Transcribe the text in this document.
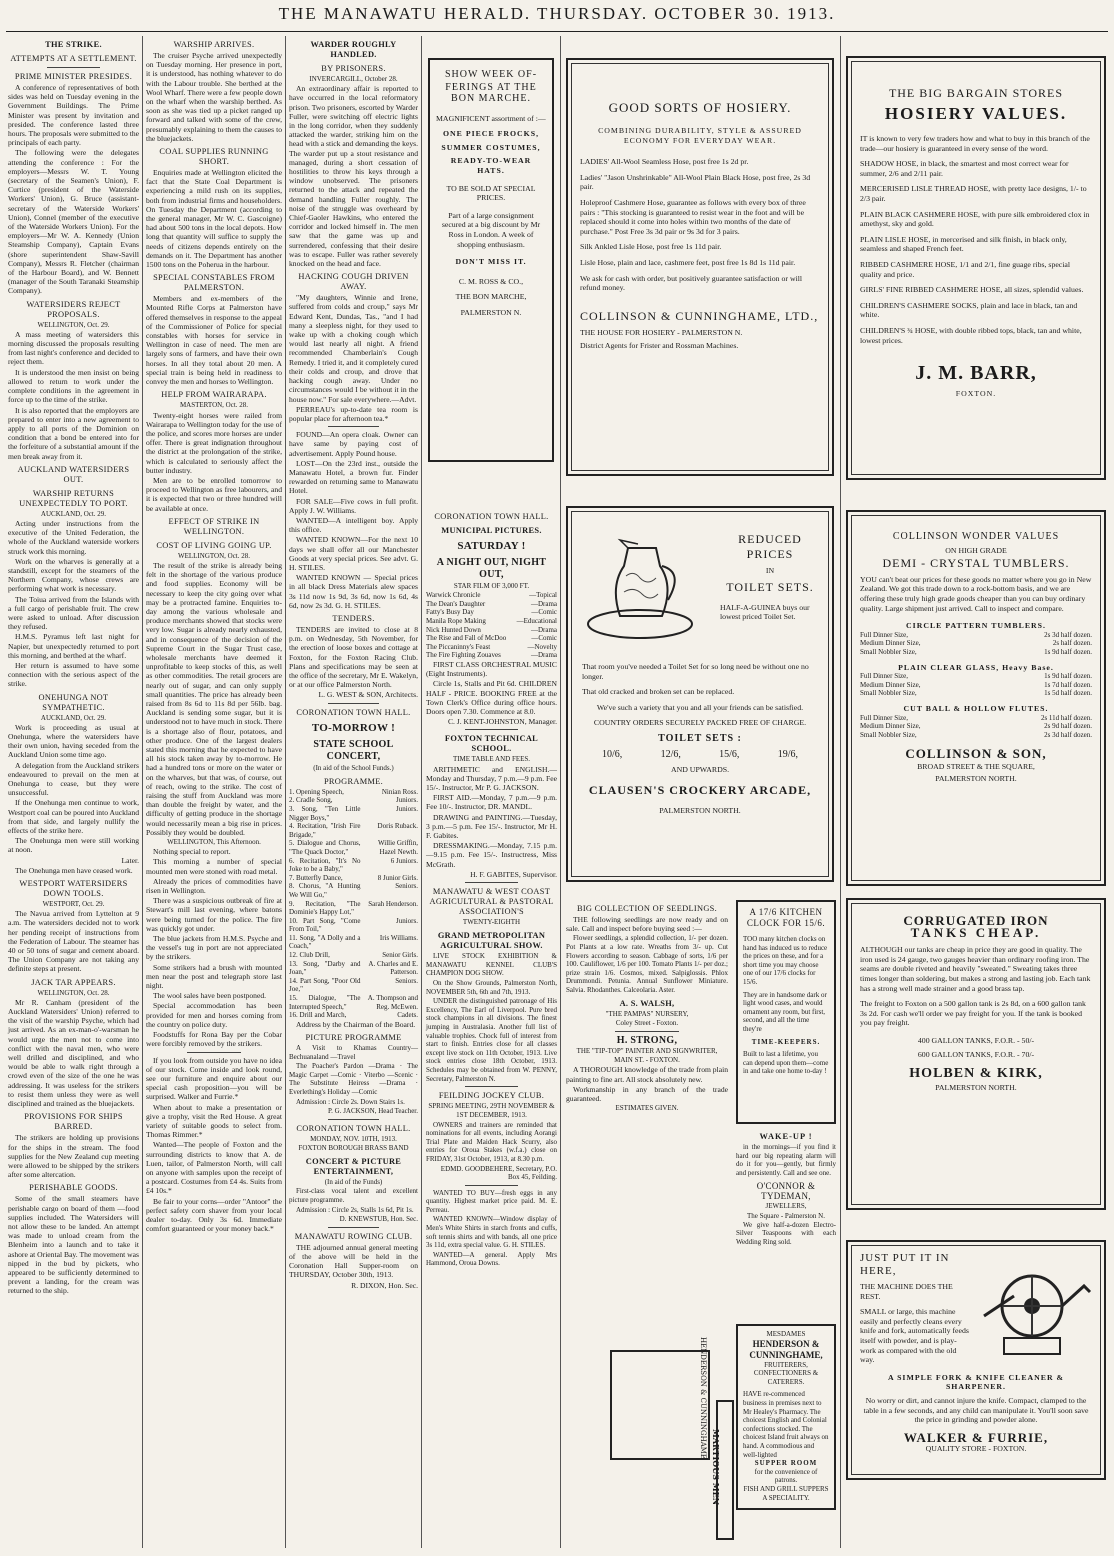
THE MANAWATU HERALD. THURSDAY. OCTOBER 30. 1913.
THE STRIKE.
ATTEMPTS AT A SETTLEMENT.
PRIME MINISTER PRESIDES.
A conference of representatives of both sides was held on Tuesday evening in the Government Buildings. The Prime Minister was present by invitation and presided. The conference lasted three hours. The proposals were submitted to the principals of each party.
The following were the delegates attending the conference : For the employers—Messrs W. T. Young (secretary of the Seamen's Union), F. Curtice (president of the Waterside Workers' Union), G. Bruce (assistant-secretary of the Waterside Workers' Union), Connel (member of the executive of the Waterside Workers Union). For the employers—Mr W. A. Kennedy (Union Steamship Company), Captain Evans (shore superintendent Shaw-Savill Company), Messrs R. Fletcher (chairman of the Harbour Board), and W. Bennett (manager of the South Taranaki Steamship Company).
WATERSIDERS REJECT PROPOSALS.
WELLINGTON, Oct. 29.
A mass meeting of watersiders this morning discussed the proposals resulting from last night's conference and decided to reject them.
It is understood the men insist on being allowed to return to work under the complete conditions in the agreement in force up to the time of the strike.
It is also reported that the employers are prepared to enter into a new agreement to apply to all ports of the Dominion on condition that a bond be entered into for the forfeiture of a substantial amount if the men break away from it.
AUCKLAND WATERSIDERS OUT.
WARSHIP RETURNS UNEXPECTEDLY TO PORT.
AUCKLAND, Oct. 29.
Acting under instructions from the executive of the United Federation, the whole of the Auckland waterside workers struck work this morning.
Work on the wharves is generally at a standstill, except for the steamers of the Northern Company, whose crews are performing what work is necessary.
The Toiua arrived from the Islands with a full cargo of perishable fruit. The crew were asked to unload. After discussion they refused.
H.M.S. Pyramus left last night for Napier, but unexpectedly returned to port this morning, and berthed at the wharf.
Her return is assumed to have some connection with the serious aspect of the strike.
ONEHUNGA NOT SYMPATHETIC.
AUCKLAND, Oct. 29.
Work is proceeding as usual at Onehunga, where the watersiders have their own union, having seceded from the Auckland Union some time ago.
A delegation from the Auckland strikers endeavoured to prevail on the men at Onehunga to cease, but they were unsuccessful.
If the Onehunga men continue to work, Westport coal can be poured into Auckland from that side, and largely nullify the effects of the strike here.
The Onehunga men were still working at noon.
Later.
The Onehunga men have ceased work.
WESTPORT WATERSIDERS DOWN TOOLS.
WESTPORT, Oct. 29.
The Navua arrived from Lyttelton at 9 a.m. The watersiders decided not to work her pending receipt of instructions from the Federation of Labour. The steamer has 40 or 50 tons of sugar and cement aboard. The Union Company are not taking any definite steps at present.
JACK TAR APPEARS.
WELLINGTON, Oct. 28.
Mr R. Canham (president of the Auckland Watersiders' Union) referred to the visit of the warship Psyche, which had just arrived. As an ex-man-o'-warsman he would urge the men not to come into conflict with the naval men, who were well drilled and disciplined, and who would be able to walk right through a crowd even of the size of the one he was addressing. It was useless for the strikers to resist them unless they were as well disciplined and trained as the bluejackets.
PROVISIONS FOR SHIPS BARRED.
The strikers are holding up provisions for the ships in the stream. The food supplies for the New Zealand cup meeting were allowed to be shipped by the strikers after some altercation.
PERISHABLE GOODS.
Some of the small steamers have perishable cargo on board of them —food supplies included. The Watersiders will not allow these to be landed. An attempt was made to unload cream from the Blenheim into a launch and to take it ashore at Oriental Bay. The movement was nipped in the bud by pickets, who appeared to be sufficiently determined to prevent a landing, for the cream was returned to the ship.
WARSHIP ARRIVES.
The cruiser Psyche arrived unexpectedly on Tuesday morning. Her presence in port, it is understood, has nothing whatever to do with the Labour trouble. She berthed at the Wool Wharf. There were a few people down on the wharf when the warship berthed. As soon as she was tied up a picket ranged up forward and talked with some of the crew, presumably explaining to them the causes to the bluejackets.
COAL SUPPLIES RUNNING SHORT.
Enquiries made at Wellington elicited the fact that the State Coal Department is experiencing a mild rush on its supplies, both from industrial firms and householders. On Tuesday the Department (according to the general manager, Mr W. C. Gascoigne) had about 500 tons in the local depots. How long that quantity will suffice to supply the needs of citizens depends entirely on the demands on it. The Department has another 1500 tons on the Poherua in the harbour.
SPECIAL CONSTABLES FROM PALMERSTON.
Members and ex-members of the Mounted Rifle Corps at Palmerston have offered themselves in response to the appeal of the Commissioner of Police for special constables with horses for service in Wellington in case of need. The men are largely sons of farmers, and have their own horses. In all they total about 20 men. A special train is being held in readiness to convey the men and horses to Wellington.
HELP FROM WAIRARAPA.
MASTERTON, Oct. 28.
Twenty-eight horses were railed from Wairarapa to Wellington today for the use of the police, and scores more horses are under offer. There is great indignation throughout the district at the prolongation of the strike, which is calculated to seriously affect the butter industry.
Men are to be enrolled tomorrow to proceed to Wellington as free labourers, and it is expected that two or three hundred will be available at once.
EFFECT OF STRIKE IN WELLINGTON.
COST OF LIVING GOING UP.
WELLINGTON, Oct. 28.
The result of the strike is already being felt in the shortage of the various produce and food supplies. Economy will be necessary to keep the city going over what may be a protracted famine. Enquiries to-day among the various wholesale and produce merchants showed that stocks were very low. Sugar is already nearly exhausted, and in consequence of the decision of the Supreme Court in the Sugar Trust case, wholesale merchants have deemed it unprofitable to keep stocks of this, as well as other commodities. The retail grocers are nearly out of sugar, and can only supply small quantities. The price has already been raised from 8s 6d to 11s 8d per 56lb. bag. Auckland is sending some sugar, but it is understood not to have much in stock. There is a shortage also of flour, potatoes, and other produce. One of the largest dealers stated this morning that he expected to have all his stock taken away by to-morrow. He had a hundred tons or more on the water or on the wharves, but that was, of course, out of reach, owing to the strike. The cost of raising the stuff from Auckland was more than double the freight by water, and the difficulty of getting produce in the shortage would necessarily mean a big rise in prices. Possibly they would be doubled.
WELLINGTON, This Afternoon.
Nothing special to report.
This morning a number of special mounted men were stoned with road metal.
Already the prices of commodities have risen in Wellington.
There was a suspicious outbreak of fire at Stewart's mill last evening, where batons were being turned for the police. The fire was quickly got under.
The blue jackets from H.M.S. Psyche and the vessel's tug in port are not appreciated by the strikers.
Some strikers had a brush with mounted men near the post and telegraph store last night.
The wool sales have been postponed.
Special accommodation has been provided for men and horses coming from the country on police duty.
Foodstuffs for Rona Bay per the Cobar were forcibly removed by the strikers.
If you look from outside you have no idea of our stock. Come inside and look round, see our furniture and enquire about our special cash proposition—you will be surprised. Walker and Furrie.*
When about to make a presentation or give a trophy, visit the Red House. A great variety of suitable goods to select from. Thomas Rimmer.*
Wanted—The people of Foxton and the surrounding districts to know that A. de Luen, tailor, of Palmerston North, will call on anyone with samples upon the receipt of a postcard. Costumes from £4 4s. Suits from £4 10s.*
Be fair to your corns—order "Antoor" the perfect safety corn shaver from your local dealer to-day. Only 3s 6d. Immediate comfort guaranteed or your money back.*
WARDER ROUGHLY HANDLED.
BY PRISONERS.
INVERCARGILL, October 28.
An extraordinary affair is reported to have occurred in the local reformatory prison. Two prisoners, escorted by Warder Fuller, were switching off electric lights in the long corridor, when they suddenly attacked the warder, striking him on the head with a stick and demanding the keys. The warder put up a stout resistance and managed, during a short cessation of hostilities to throw his keys through a window unobserved. The prisoners returned to the attack and repeated the demand handling Fuller roughly. The noise of the struggle was overheard by Chief-Gaoler Hawkins, who entered the corridor and locked himself in. The men saw that the game was up and surrendered, confessing that their desire was to escape. Fuller was rather severely knocked on the head and face.
HACKING COUGH DRIVEN AWAY.
"My daughters, Winnie and Irene, suffered from colds and croup," says Mr Edward Kent, Dundas, Tas., "and I had many a sleepless night, for they used to wake up with a choking cough which would last nearly all night. A friend recommended Chamberlain's Cough Remedy. I tried it, and it completely cured their colds and croup, and drove that hacking cough away. Under no circumstances would I be without it in the house now." For sale everywhere.—Advt.
PERREAU's up-to-date tea room is popular place for afternoon tea.*
FOUND—An opera cloak. Owner can have same by paying cost of advertisement. Apply Pound house.
LOST—On the 23rd inst., outside the Manawatu Hotel, a brown fur. Finder rewarded on returning same to Manawatu Hotel.
FOR SALE—Five cows in full profit. Apply J. W. Williams.
WANTED—A intelligent boy. Apply this office.
WANTED KNOWN—For the next 10 days we shall offer all our Manchester Goods at very special prices. See advt. G. H. STILES.
WANTED KNOWN — Special prices in all black Dress Materials alew spaces 3s 11d now 1s 9d, 3s 6d, now 1s 6d, 4s 6d, now 2s 3d. G. H. STILES.
TENDERS.
TENDERS are invited to close at 8 p.m. on Wednesday, 5th November, for the erection of loose boxes and cottage at Foxton, for the Foxton Racing Club. Plans and specifications may be seen at the office of the secretary, Mr E. Wakelyn, or at our office Palmerston North.
L. G. WEST & SON, Architects.
CORONATION TOWN HALL.
TO-MORROW !
STATE SCHOOL CONCERT,
(In aid of the School Funds.)
PROGRAMME.
1. Opening Speech,	Ninian Ross.
2. Cradle Song,	Juniors.
3. Song, "Ten Little Nigger Boys,"	Juniors.
4. Recitation, "Irish Fire Brigade,"	Doris Ruback.
5. Dialogue and Chorus, "The Quack Doctor,"	Willie Griffin, Hazel Newth.
6. Recitation, "It's No Joke to be a Baby,"	6 Juniors.
7. Butterfly Dance,	8 Junior Girls.
8. Chorus, "A Hunting We Will Go,"	Seniors.
9. Recitation, "The Dominie's Happy Lot,"	Sarah Henderson.
10. Part Song, "Come From Toil,"	Juniors.
11. Song, "A Dolly and a Coach,"	Iris Williams.
12. Club Drill,	Senior Girls.
13. Song, "Darby and Joan,"	A. Charles and E. Patterson.
14. Part Song, "Poor Old Joe,"	Seniors.
15. Dialogue, "The Interrupted Speech,"	A. Thompson and Reg. McEwen.
16. Drill and March,	Cadets.
Address by the Chairman of the Board.
PICTURE PROGRAMME
A Visit to Khamas Country— Bechuanaland —Travel
The Poacher's Pardon —Drama · The Magic Carpet —Comic · Viterbo —Scenic · The Substitute Heiress —Drama · Everlething's Holiday —Comic
Admission : Circle 2s. Down Stairs 1s.
P. G. JACKSON, Head Teacher.
CORONATION TOWN HALL.
MONDAY, NOV. 10TH, 1913.
FOXTON BOROUGH BRASS BAND
CONCERT & PICTURE ENTERTAINMENT,
(In aid of the Funds)
First-class vocal talent and excellent picture programme.
Admission : Circle 2s, Stalls 1s 6d, Pit 1s.
D. KNEWSTUB, Hon. Sec.
MANAWATU ROWING CLUB.
THE adjourned annual general meeting of the above will be held in the Coronation Hall Supper-room on THURSDAY, October 30th, 1913.
R. DIXON, Hon. Sec.
SHOW WEEK OF-FERINGS AT THE
BON MARCHE.
MAGNIFICENT assortment of :—
ONE PIECE FROCKS,
SUMMER COSTUMES,
READY-TO-WEAR HATS.
TO BE SOLD AT SPECIAL PRICES.
Part of a large consignment secured at a big discount by Mr Ross in London. A week of shopping enthusiasm.
DON'T MISS IT.
C. M. ROSS & CO.,
THE BON MARCHE,
PALMERSTON N.
CORONATION TOWN HALL.
MUNICIPAL PICTURES.
SATURDAY !
A NIGHT OUT, NIGHT OUT,
STAR FILM OF 3,000 FT.
Warwick Chronicle	—Topical
The Dean's Daughter	—Drama
Fatty's Busy Day	—Comic
Manila Rope Making	—Educational
Nick Hunted Down	—Drama
The Rise and Fall of McDoo	—Comic
The Piccaninny's Feast	—Novelty
The Fire Fighting Zouaves	—Drama
FIRST CLASS ORCHESTRAL MUSIC (Eight Instruments).
Circle 1s, Stalls and Pit 6d. CHILDREN HALF - PRICE. BOOKING FREE at the Town Clerk's Office during office hours. Doors open 7.30. Commence at 8.0.
C. J. KENT-JOHNSTON, Manager.
FOXTON TECHNICAL SCHOOL.
TIME TABLE AND FEES.
ARITHMETIC and ENGLISH.—Monday and Thursday, 7 p.m.—9 p.m. Fee 15/-. Instructor, Mr P. G. JACKSON.
FIRST AID.—Monday, 7 p.m.—9 p.m. Fee 10/-. Instructor, DR. MANDL.
DRAWING and PAINTING.—Tuesday, 3 p.m.—5 p.m. Fee 15/-. Instructor, Mr H. F. Gabites.
DRESSMAKING.—Monday, 7.15 p.m.—9.15 p.m. Fee 15/-. Instructress, Miss McGrath.
H. F. GABITES, Supervisor.
MANAWATU & WEST COAST AGRICULTURAL & PASTORAL ASSOCIATION'S
TWENTY-EIGHTH
GRAND METROPOLITAN AGRICULTURAL SHOW.
LIVE STOCK EXHIBITION & MANAWATU KENNEL CLUB'S CHAMPION DOG SHOW.
On the Show Grounds, Palmerston North, NOVEMBER 5th, 6th and 7th, 1913.
UNDER the distinguished patronage of His Excellency, The Earl of Liverpool. Pure bred stock champions in all divisions. The finest jumping in Australasia. Another full list of valuable trophies. Chock full of interest from start to finish. Entries close for all classes except live stock on 11th October, 1913. Live stock entries close 18th October, 1913. Schedules may be obtained from W. PENNY, Secretary, Palmerston N.
FEILDING JOCKEY CLUB.
SPRING MEETING, 29TH NOVEMBER & 1ST DECEMBER, 1913.
OWNERS and trainers are reminded that nominations for all events, including Aorangi Trial Plate and Maiden Hack Scurry, also entries for Oroua Stakes (w.f.a.) close on FRIDAY, 31st October, 1913, at 8.30 p.m.
EDMD. GOODBEHERE, Secretary, P.O. Box 45, Feilding.
WANTED TO BUY—fresh eggs in any quantity. Highest market price paid. M. E. Perreau.
WANTED KNOWN—Window display of Men's White Shirts in starch fronts and cuffs, soft tennis shirts and with bands, all one price 3s 11d, extra special value. G. H. STILES.
WANTED—A general. Apply Mrs Hammond, Oroua Downs.
GOOD SORTS OF HOSIERY.
COMBINING DURABILITY, STYLE & ASSURED ECONOMY FOR EVERYDAY WEAR.
LADIES' All-Wool Seamless Hose, post free 1s 2d pr.
Ladies' "Jason Unshrinkable" All-Wool Plain Black Hose, post free, 2s 3d pair.
Holeproof Cashmere Hose, guarantee as follows with every box of three pairs : "This stocking is guaranteed to resist wear in the foot and will be replaced should it come into holes within two months of the date of purchase." Post Free 3s 3d pair or 9s 3d for 3 pairs.
Silk Ankled Lisle Hose, post free 1s 11d pair.
Lisle Hose, plain and lace, cashmere feet, post free 1s 8d 1s 11d pair.
We ask for cash with order, but positively guarantee satisfaction or will refund money.
COLLINSON & CUNNINGHAME, LTD.,
THE HOUSE FOR HOSIERY - PALMERSTON N.
District Agents for Frister and Rossman Machines.
REDUCED PRICES
IN
TOILET SETS.
HALF-A-GUINEA buys our lowest priced Toilet Set.
That room you've needed a Toilet Set for so long need be without one no longer.
That old cracked and broken set can be replaced.
We've such a variety that you and all your friends can be satisfied.
COUNTRY ORDERS SECURELY PACKED FREE OF CHARGE.
TOILET SETS :
10/6,	12/6,	15/6,	19/6,
AND UPWARDS.
CLAUSEN'S CROCKERY ARCADE,
PALMERSTON NORTH.
BIG COLLECTION OF SEEDLINGS.
THE following seedlings are now ready and on sale. Call and inspect before buying seed :—
Flower seedlings, a splendid collection, 1/- per dozen. Pot Plants at a low rate. Wreaths from 3/- up. Cut Flowers according to season. Cabbage of sorts, 1/6 per 100. Cauliflower, 1/6 per 100. Tomato Plants 1/- per doz.; prize strain 1/6. Cosmos, mixed. Salpiglossis. Phlox Drummondi. Petunia. Annual Sunflower Miniature. Salvia. Rhodanthes. Calceolaria. Aster.
A. S. WALSH,
"THE PAMPAS" NURSERY,
Coley Street - Foxton.
H. STRONG,
THE "TIP-TOP" PAINTER AND SIGNWRITER,
MAIN ST. - FOXTON.
A THOROUGH knowledge of the trade from plain painting to fine art. All stock absolutely new.
Workmanship in any branch of the trade guaranteed.
ESTIMATES GIVEN.
HENDERSON & CUNNINGHAME
MARTIOUS MEN
A 17/6 KITCHEN CLOCK FOR 15/6.
TOO many kitchen clocks on hand has induced us to reduce the prices on these, and for a short time you may choose one of our 17/6 clocks for 15/6.
They are in handsome dark or light wood cases, and would ornament any room, but first, second, and all the time they're
TIME-KEEPERS.
Built to last a lifetime, you can depend upon them—come in and take one home to-day !
WAKE-UP !
in the mornings—if you find it hard our big repeating alarm will do it for you—gently, but firmly and persistently. Call and see one.
O'CONNOR & TYDEMAN,
JEWELLERS,
The Square - Palmerston N.
We give half-a-dozen Electro-Silver Teaspoons with each Wedding Ring sold.
MESDAMES
HENDERSON & CUNNINGHAME,
FRUITERERS, CONFECTIONERS & CATERERS.
HAVE re-commenced business in premises next to Mr Healey's Pharmacy. The choicest English and Colonial confections stocked. The choicest Island fruit always on hand. A commodious and well-lighted
SUPPER ROOM
for the convenience of patrons.
FISH AND GRILL SUPPERS A SPECIALITY.
THE BIG BARGAIN STORES
HOSIERY VALUES.
IT is known to very few traders how and what to buy in this branch of the trade—our hosiery is guaranteed in every sense of the word.
SHADOW HOSE, in black, the smartest and most correct wear for summer, 2/6 and 2/11 pair.
MERCERISED LISLE THREAD HOSE, with pretty lace designs, 1/- to 2/3 pair.
PLAIN BLACK CASHMERE HOSE, with pure silk embroidered clox in amethyst, sky and gold.
PLAIN LISLE HOSE, in mercerised and silk finish, in black only, seamless and shaped French feet.
RIBBED CASHMERE HOSE, 1/1 and 2/1, fine guage ribs, special quality and price.
GIRLS' FINE RIBBED CASHMERE HOSE, all sizes, splendid values.
CHILDREN'S CASHMERE SOCKS, plain and lace in black, tan and white.
CHILDREN'S ¾ HOSE, with double ribbed tops, black, tan and white, lowest prices.
J. M. BARR,
FOXTON.
COLLINSON WONDER VALUES
ON HIGH GRADE
DEMI - CRYSTAL TUMBLERS.
YOU can't beat our prices for these goods no matter where you go in New Zealand. We got this trade down to a rock-bottom basis, and we are offering these truly high grade goods cheaper than you can buy ordinary quality. Large shipment just arrived. Call to inspect and compare.
CIRCLE PATTERN TUMBLERS.
Full Dinner Size,	2s 3d half dozen.
Medium Dinner Size,	2s half dozen.
Small Nobbler Size,	1s 9d half dozen.
PLAIN CLEAR GLASS, Heavy Base.
Full Dinner Size,	1s 9d half dozen.
Medium Dinner Size,	1s 7d half dozen.
Small Nobbler Size,	1s 5d half dozen.
CUT BALL & HOLLOW FLUTES.
Full Dinner Size,	2s 11d half dozen.
Medium Dinner Size,	2s 9d half dozen.
Small Nobbler Size,	2s 3d half dozen.
COLLINSON & SON,
BROAD STREET & THE SQUARE,
PALMERSTON NORTH.
CORRUGATED IRON
TANKS CHEAP.
ALTHOUGH our tanks are cheap in price they are good in quality. The iron used is 24 gauge, two gauges heavier than ordinary roofing iron. The seams are double riveted and heavily "sweated." Sweating takes three times longer than soldering, but makes a strong and lasting job. Each tank has a strong well made strainer and a good brass tap.
The freight to Foxton on a 500 gallon tank is 2s 8d, on a 600 gallon tank 3s 2d. For cash we'll order we pay freight for you. If the tank is booked you pay freight.
400 GALLON TANKS, F.O.R. - 50/-
600 GALLON TANKS, F.O.R. - 70/-
HOLBEN & KIRK,
PALMERSTON NORTH.
JUST PUT IT IN HERE,
THE MACHINE DOES THE REST.
SMALL or large, this machine easily and perfectly cleans every knife and fork, automatically feeds itself with powder, and is play-work as compared with the old way.
A SIMPLE FORK & KNIFE CLEANER & SHARPENER.
No worry or dirt, and cannot injure the knife. Compact, clamped to the table in a few seconds, and any child can manipulate it. You'll soon save the price in grinding and powder alone.
WALKER & FURRIE,
QUALITY STORE - FOXTON.
